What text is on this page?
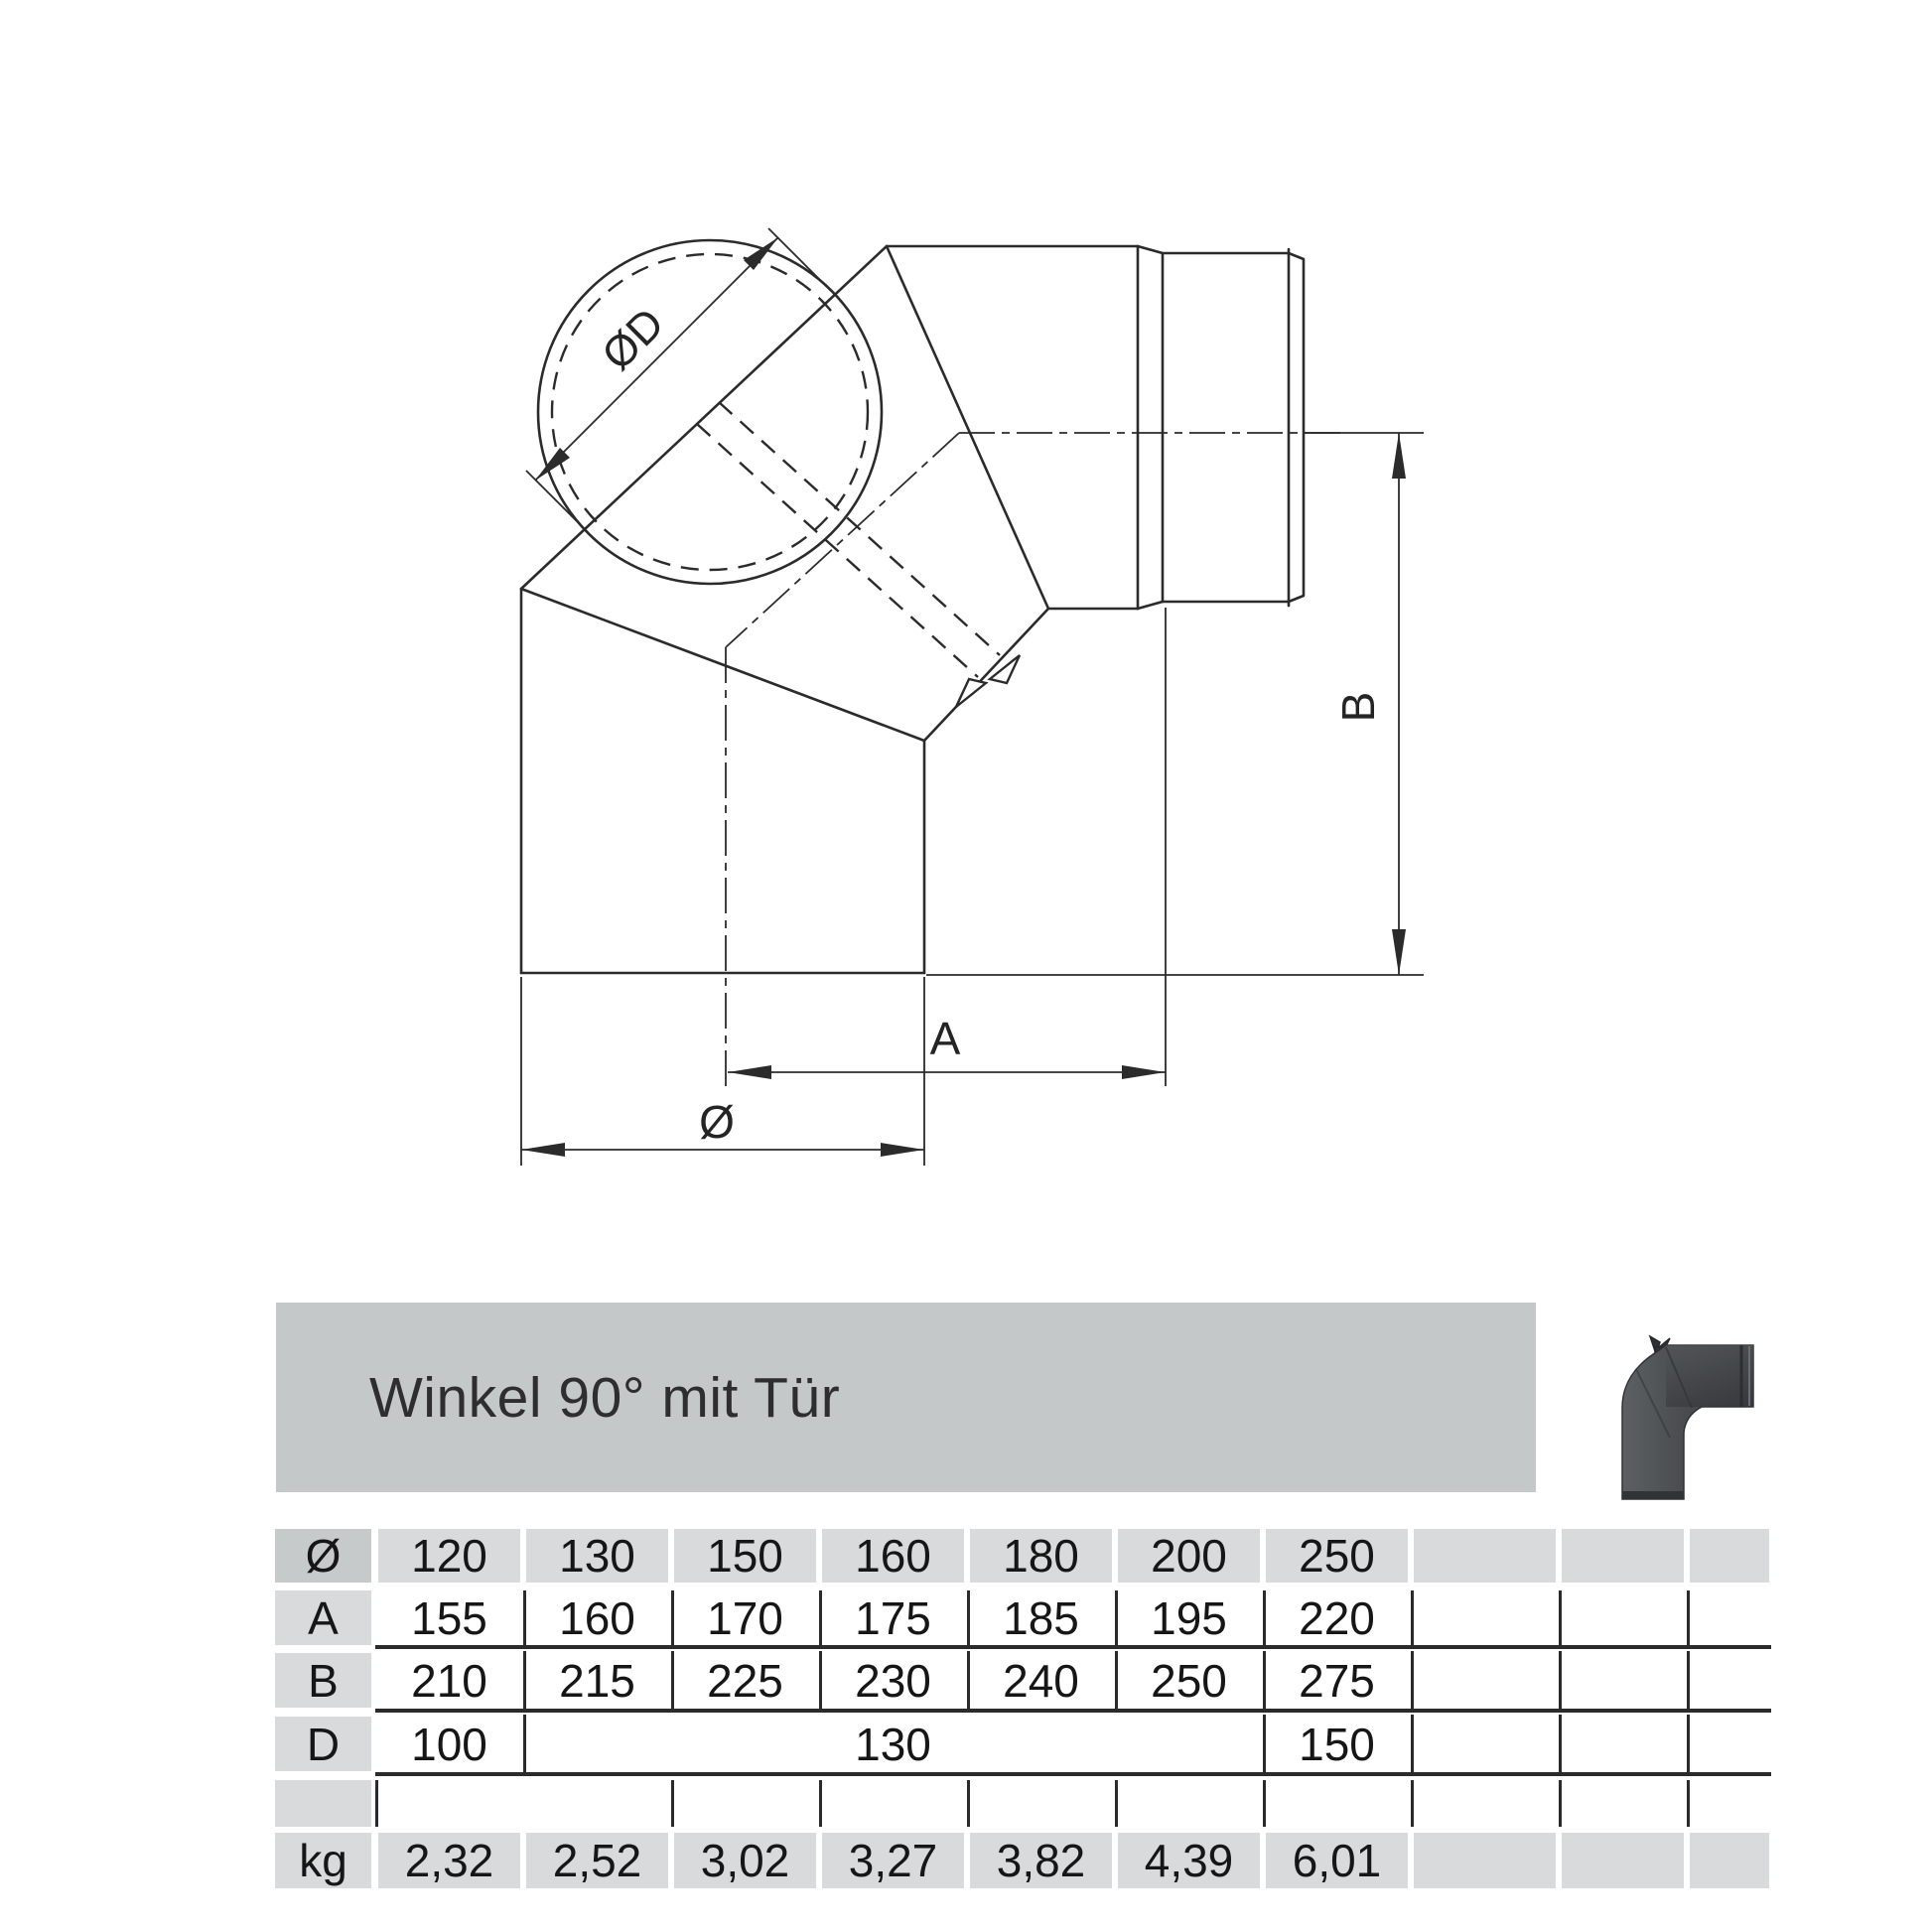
ØD
A
B
Ø
Winkel 90° mit Tür
Ø	120	130	150	160	180	200	250
A	155	160	170	175	185	195	220
B	210	215	225	230	240	250	275
D	100	130	150
kg	2,32	2,52	3,02	3,27	3,82	4,39	6,01
